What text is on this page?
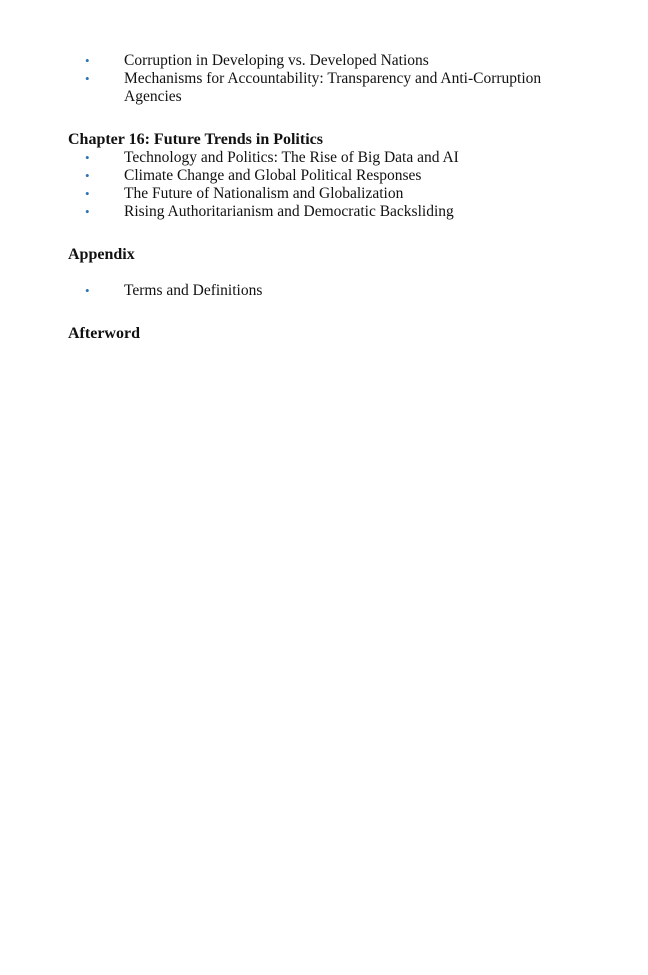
• Corruption in Developing vs. Developed Nations
• Mechanisms for Accountability: Transparency and Anti-Corruption Agencies
Chapter 16: Future Trends in Politics
• Technology and Politics: The Rise of Big Data and AI
• Climate Change and Global Political Responses
• The Future of Nationalism and Globalization
• Rising Authoritarianism and Democratic Backsliding
Appendix
• Terms and Definitions
Afterword
